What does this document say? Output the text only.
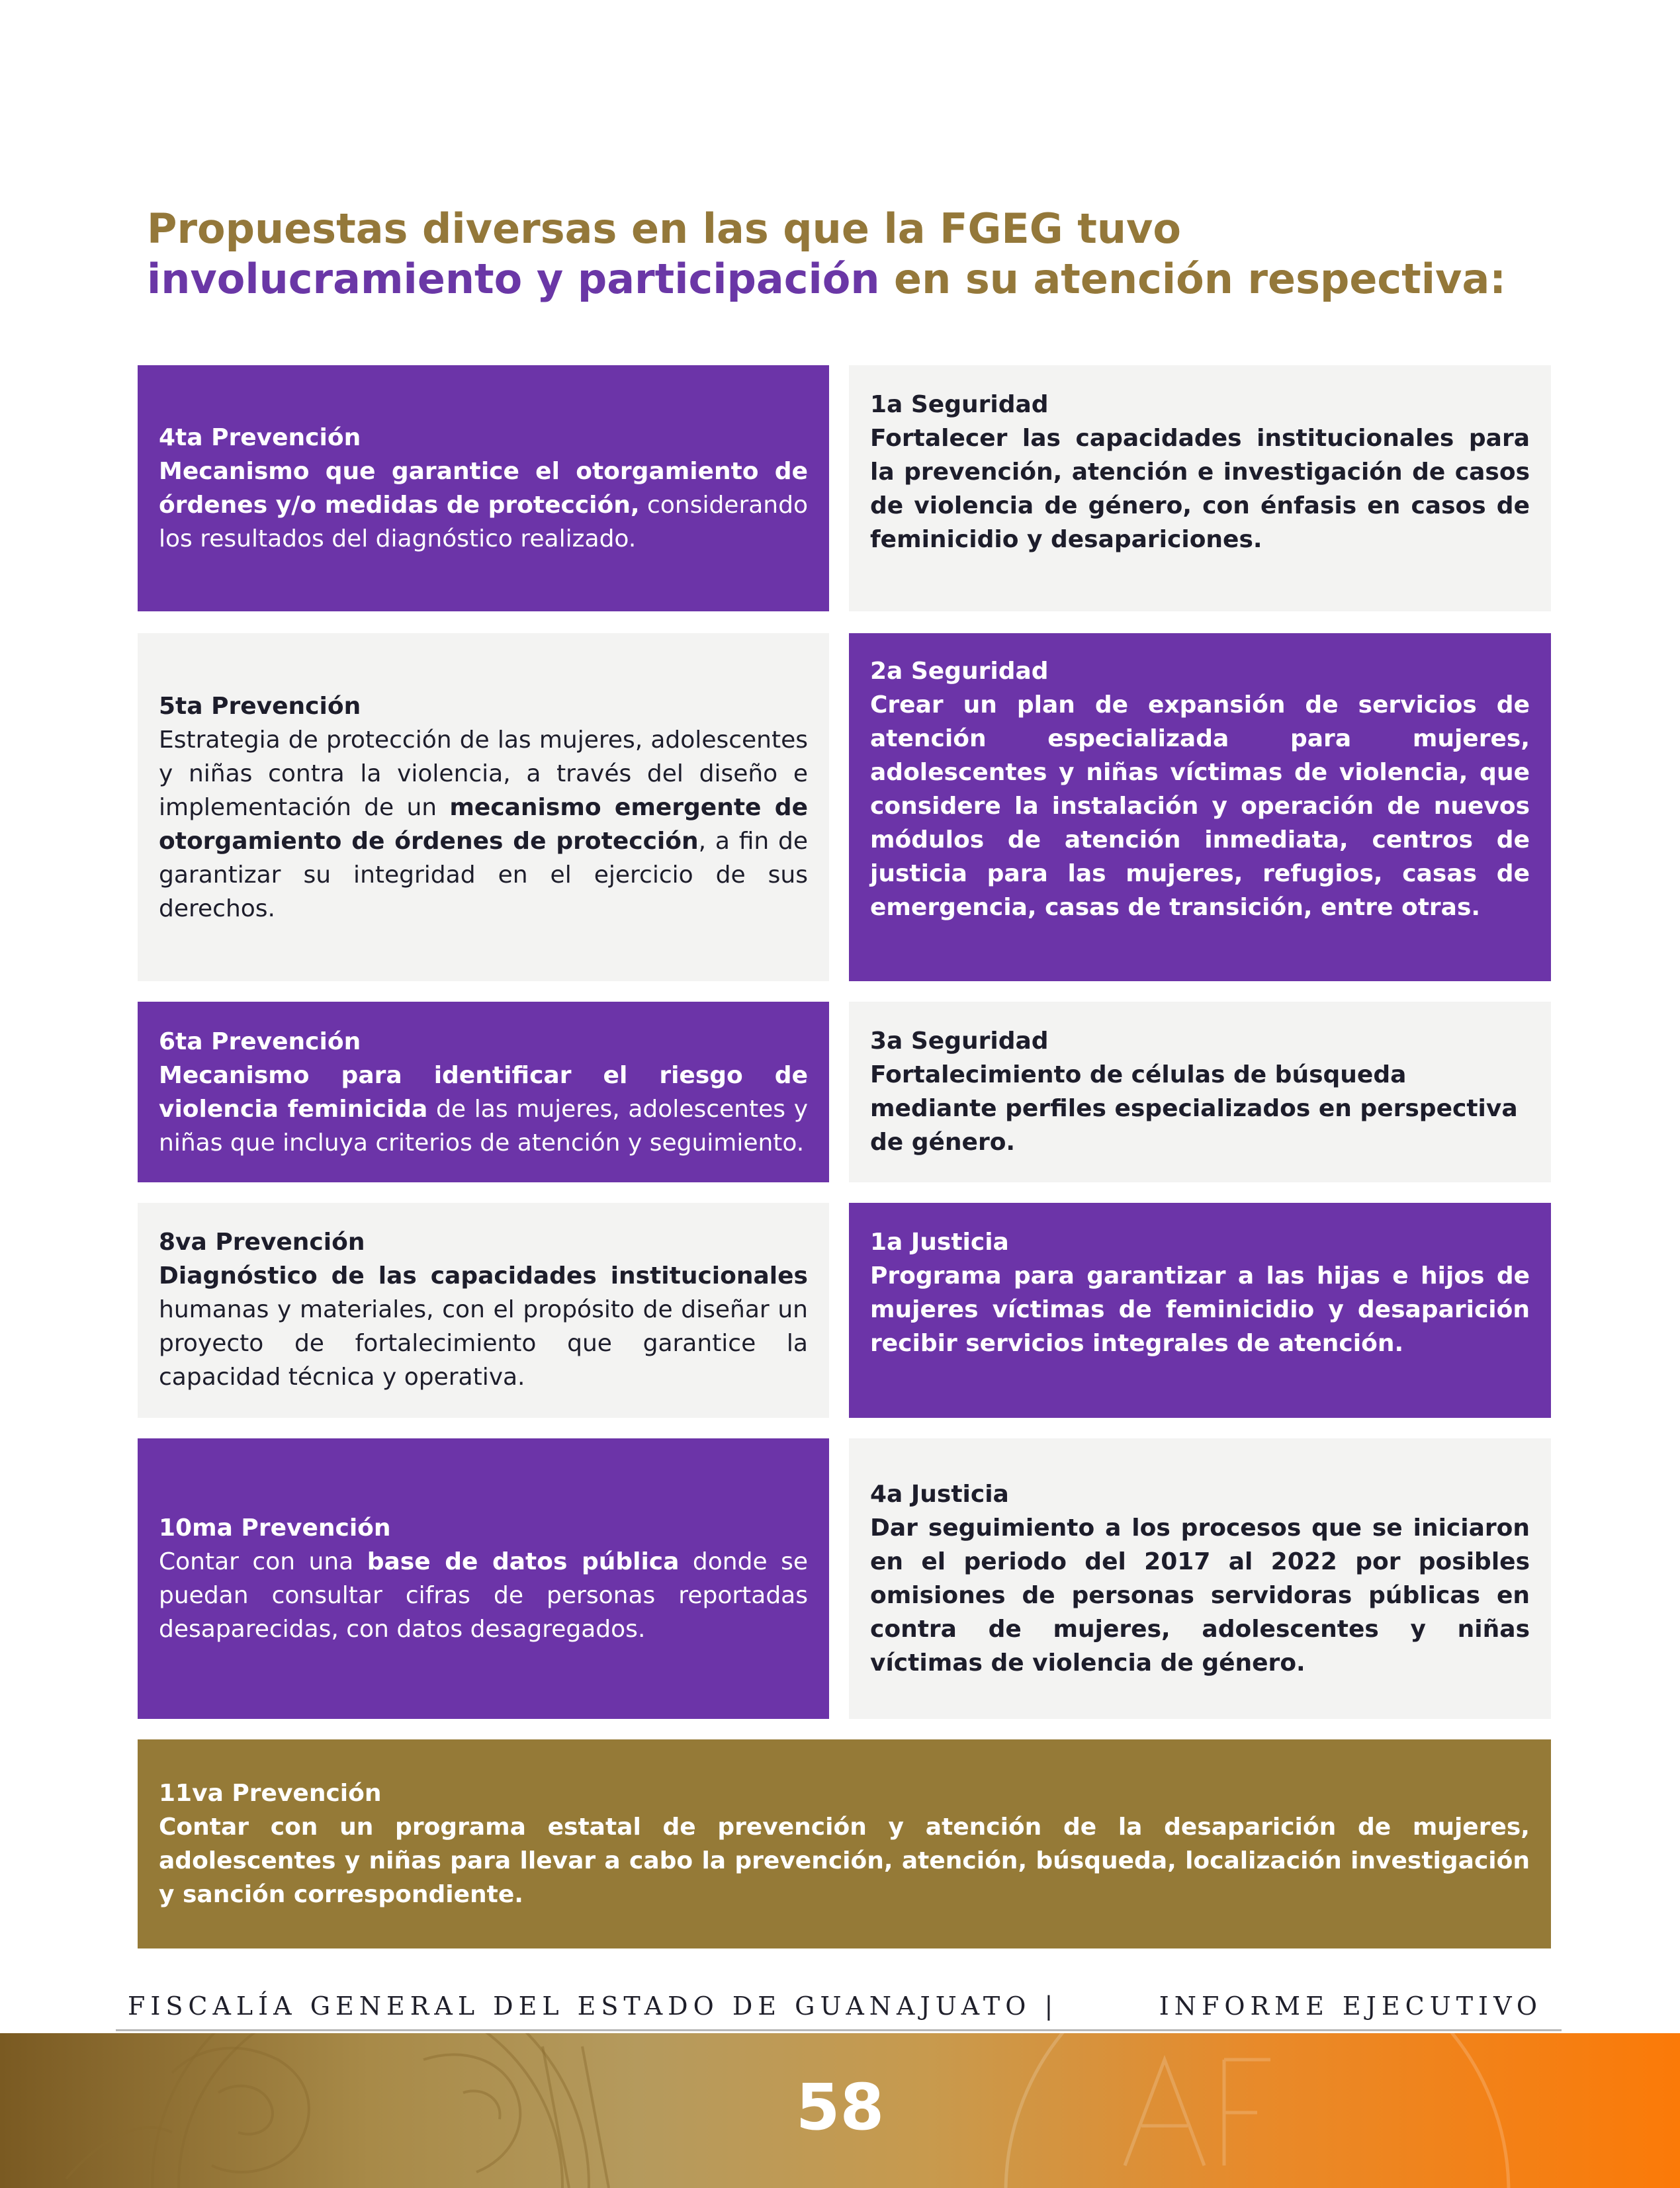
Propuestas diversas en las que la FGEG tuvo involucramiento y participación en su atención respectiva:
4ta Prevención

Mecanismo que garantice el otorgamiento de órdenes y/o medidas de protección, considerando los resultados del diagnóstico realizado.

1a Seguridad

Fortalecer las capacidades institucionales para la prevención, atención e investigación de casos de violencia de género, con énfasis en casos de feminicidio y desapariciones.

5ta Prevención

Estrategia de protección de las mujeres, adolescentes y niñas contra la violencia, a través del diseño e implementación de un mecanismo emergente de otorgamiento de órdenes de protección, a fin de garantizar su integridad en el ejercicio de sus derechos.

2a Seguridad

Crear un plan de expansión de servicios de atención especializada para mujeres, adolescentes y niñas víctimas de violencia, que considere la instalación y operación de nuevos módulos de atención inmediata, centros de justicia para las mujeres, refugios, casas de emergencia, casas de transición, entre otras.

6ta Prevención

Mecanismo para identificar el riesgo de violencia feminicida de las mujeres, adolescentes y niñas que incluya criterios de atención y seguimiento.

3a Seguridad

Fortalecimiento de células de búsqueda mediante perfiles especializados en perspectiva de género.

8va Prevención

Diagnóstico de las capacidades institucionales humanas y materiales, con el propósito de diseñar un proyecto de fortalecimiento que garantice la capacidad técnica y operativa.

1a Justicia

Programa para garantizar a las hijas e hijos de mujeres víctimas de feminicidio y desaparición recibir servicios integrales de atención.

10ma Prevención

Contar con una base de datos pública donde se puedan consultar cifras de personas reportadas desaparecidas, con datos desagregados.

4a Justicia

Dar seguimiento a los procesos que se iniciaron en el periodo del 2017 al 2022 por posibles omisiones de personas servidoras públicas en contra de mujeres, adolescentes y niñas víctimas de violencia de género.

11va Prevención

Contar con un programa estatal de prevención y atención de la desaparición de mujeres, adolescentes y niñas para llevar a cabo la prevención, atención, búsqueda, localización investigación y sanción correspondiente.

FISCALÍA GENERAL DEL ESTADO DE GUANAJUATO |	INFORME EJECUTIVO
58
